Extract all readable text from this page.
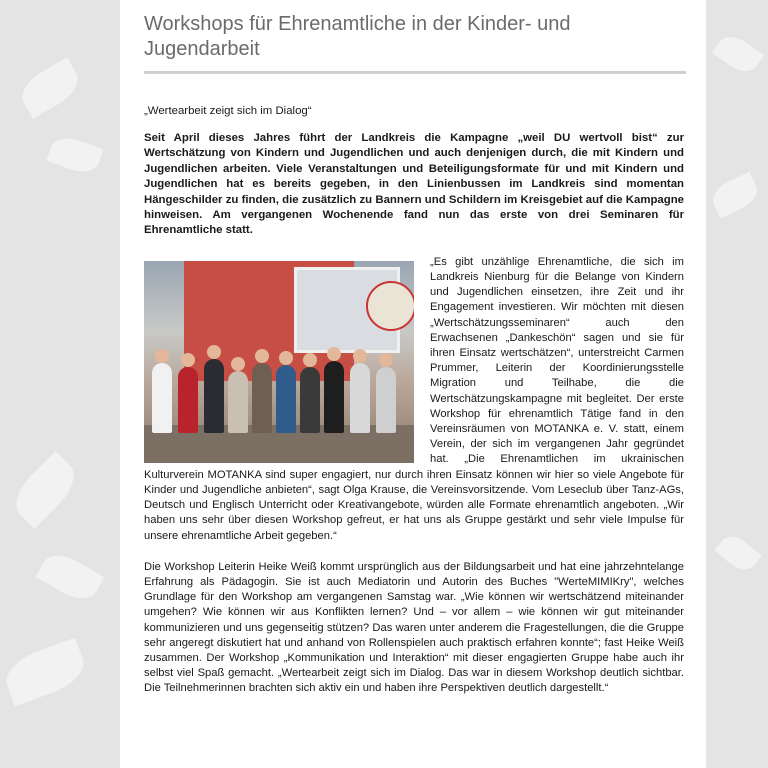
Workshops für Ehrenamtliche in der Kinder- und Jugendarbeit
„Wertearbeit zeigt sich im Dialog“
Seit April dieses Jahres führt der Landkreis die Kampagne „weil DU wertvoll bist“ zur Wertschätzung von Kindern und Jugendlichen und auch denjenigen durch, die mit Kindern und Jugendlichen arbeiten. Viele Veranstaltungen und Beteiligungsformate für und mit Kindern und Jugendlichen hat es bereits gegeben, in den Linienbussen im Landkreis sind momentan Hängeschilder zu finden, die zusätzlich zu Bannern und Schildern im Kreisgebiet auf die Kampagne hinweisen. Am vergangenen Wochenende fand nun das erste von drei Seminaren für Ehrenamtliche statt.

„Es gibt unzählige Ehrenamtliche, die sich im Landkreis Nienburg für die Belange von Kindern und Jugendlichen einsetzen, ihre Zeit und ihr Engagement investieren. Wir möchten mit diesen „Wertschätzungsseminaren“ auch den Erwachsenen „Dankeschön“ sagen und sie für ihren Einsatz wertschätzen“, unterstreicht Carmen Prummer, Leiterin der Koordinierungsstelle Migration und Teilhabe, die die Wertschätzungskampagne mit begleitet. Der erste Workshop für ehrenamtlich Tätige fand in den Vereinsräumen von MOTANKA e. V. statt, einem Verein, der sich im vergangenen Jahr gegründet hat. „Die Ehrenamtlichen im ukrainischen Kulturverein MOTANKA sind super engagiert, nur durch ihren Einsatz können wir hier so viele Angebote für Kinder und Jugendliche anbieten“, sagt Olga Krause, die Vereinsvorsitzende. Vom Leseclub über Tanz-AGs, Deutsch und Englisch Unterricht oder Kreativangebote, würden alle Formate ehrenamtlich angeboten. „Wir haben uns sehr über diesen Workshop gefreut, er hat uns als Gruppe gestärkt und sehr viele Impulse für unsere ehrenamtliche Arbeit gegeben.“

Die Workshop Leiterin Heike Weiß kommt ursprünglich aus der Bildungsarbeit und hat eine jahrzehntelange Erfahrung als Pädagogin. Sie ist auch Mediatorin und Autorin des Buches "WerteMIMIKry", welches Grundlage für den Workshop am vergangenen Samstag war. „Wie können wir wertschätzend miteinander umgehen? Wie können wir aus Konflikten lernen? Und – vor allem – wie können wir gut miteinander kommunizieren und uns gegenseitig stützen? Das waren unter anderem die Fragestellungen, die die Gruppe sehr angeregt diskutiert hat und anhand von Rollenspielen auch praktisch erfahren konnte“; fast Heike Weiß zusammen. Der Workshop „Kommunikation und Interaktion“ mit dieser engagierten Gruppe habe auch ihr selbst viel Spaß gemacht. „Wertearbeit zeigt sich im Dialog. Das war in diesem Workshop deutlich sichtbar. Die Teilnehmerinnen brachten sich aktiv ein und haben ihre Perspektiven deutlich dargestellt.“
